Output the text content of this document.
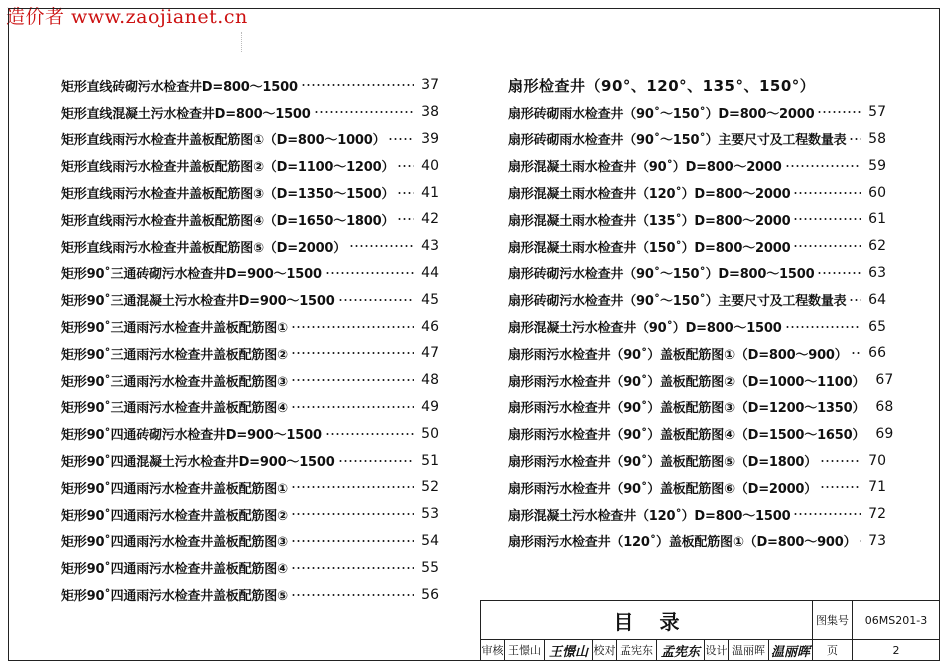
造价者 www.zaojianet.cn
矩形直线砖砌污水检查井D=800～1500	37
矩形直线混凝土污水检查井D=800～1500	38
矩形直线雨污水检查井盖板配筋图①（D=800～1000）	39
矩形直线雨污水检查井盖板配筋图②（D=1100～1200） 40
矩形直线雨污水检查井盖板配筋图③（D=1350～1500） 41
矩形直线雨污水检查井盖板配筋图④（D=1650～1800） 42
矩形直线雨污水检查井盖板配筋图⑤（D=2000）	43
矩形90˚三通砖砌污水检查井D=900～1500	44
矩形90˚三通混凝土污水检查井D=900～1500	45
矩形90˚三通雨污水检查井盖板配筋图①	46
矩形90˚三通雨污水检查井盖板配筋图②	47
矩形90˚三通雨污水检查井盖板配筋图③	48
矩形90˚三通雨污水检查井盖板配筋图④	49
矩形90˚四通砖砌污水检查井D=900～1500	50
矩形90˚四通混凝土污水检查井D=900～1500	51
矩形90˚四通雨污水检查井盖板配筋图①	52
矩形90˚四通雨污水检查井盖板配筋图②	53
矩形90˚四通雨污水检查井盖板配筋图③	54
矩形90˚四通雨污水检查井盖板配筋图④	55
矩形90˚四通雨污水检查井盖板配筋图⑤	56
扇形检查井（90°、120°、135°、150°）
扇形砖砌雨水检查井（90˚～150˚）D=800～2000	57
扇形砖砌雨水检查井（90˚～150˚）主要尺寸及工程数量表 58
扇形混凝土雨水检查井（90˚）D=800～2000	59
扇形混凝土雨水检查井（120˚）D=800～2000	60
扇形混凝土雨水检查井（135˚）D=800～2000	61
扇形混凝土雨水检查井（150˚）D=800～2000	62
扇形砖砌污水检查井（90˚～150˚）D=800～1500	63
扇形砖砌污水检查井（90˚～150˚）主要尺寸及工程数量表 64
扇形混凝土污水检查井（90˚）D=800～1500	65
扇形雨污水检查井（90˚）盖板配筋图①（D=800～900） 66
扇形雨污水检查井（90˚）盖板配筋图②（D=1000～1100） 67
扇形雨污水检查井（90˚）盖板配筋图③（D=1200～1350） 68
扇形雨污水检查井（90˚）盖板配筋图④（D=1500～1650） 69
扇形雨污水检查井（90˚）盖板配筋图⑤（D=1800）	70
扇形雨污水检查井（90˚）盖板配筋图⑥（D=2000）	71
扇形混凝土污水检查井（120˚）D=800～1500	72
扇形雨污水检查井（120˚）盖板配筋图①（D=800～900） 73
目录	图集号	06MS201-3
审核 王憬山 王憬山 校对 孟宪东 孟宪东 设计 温丽晖 温丽晖	页	2
